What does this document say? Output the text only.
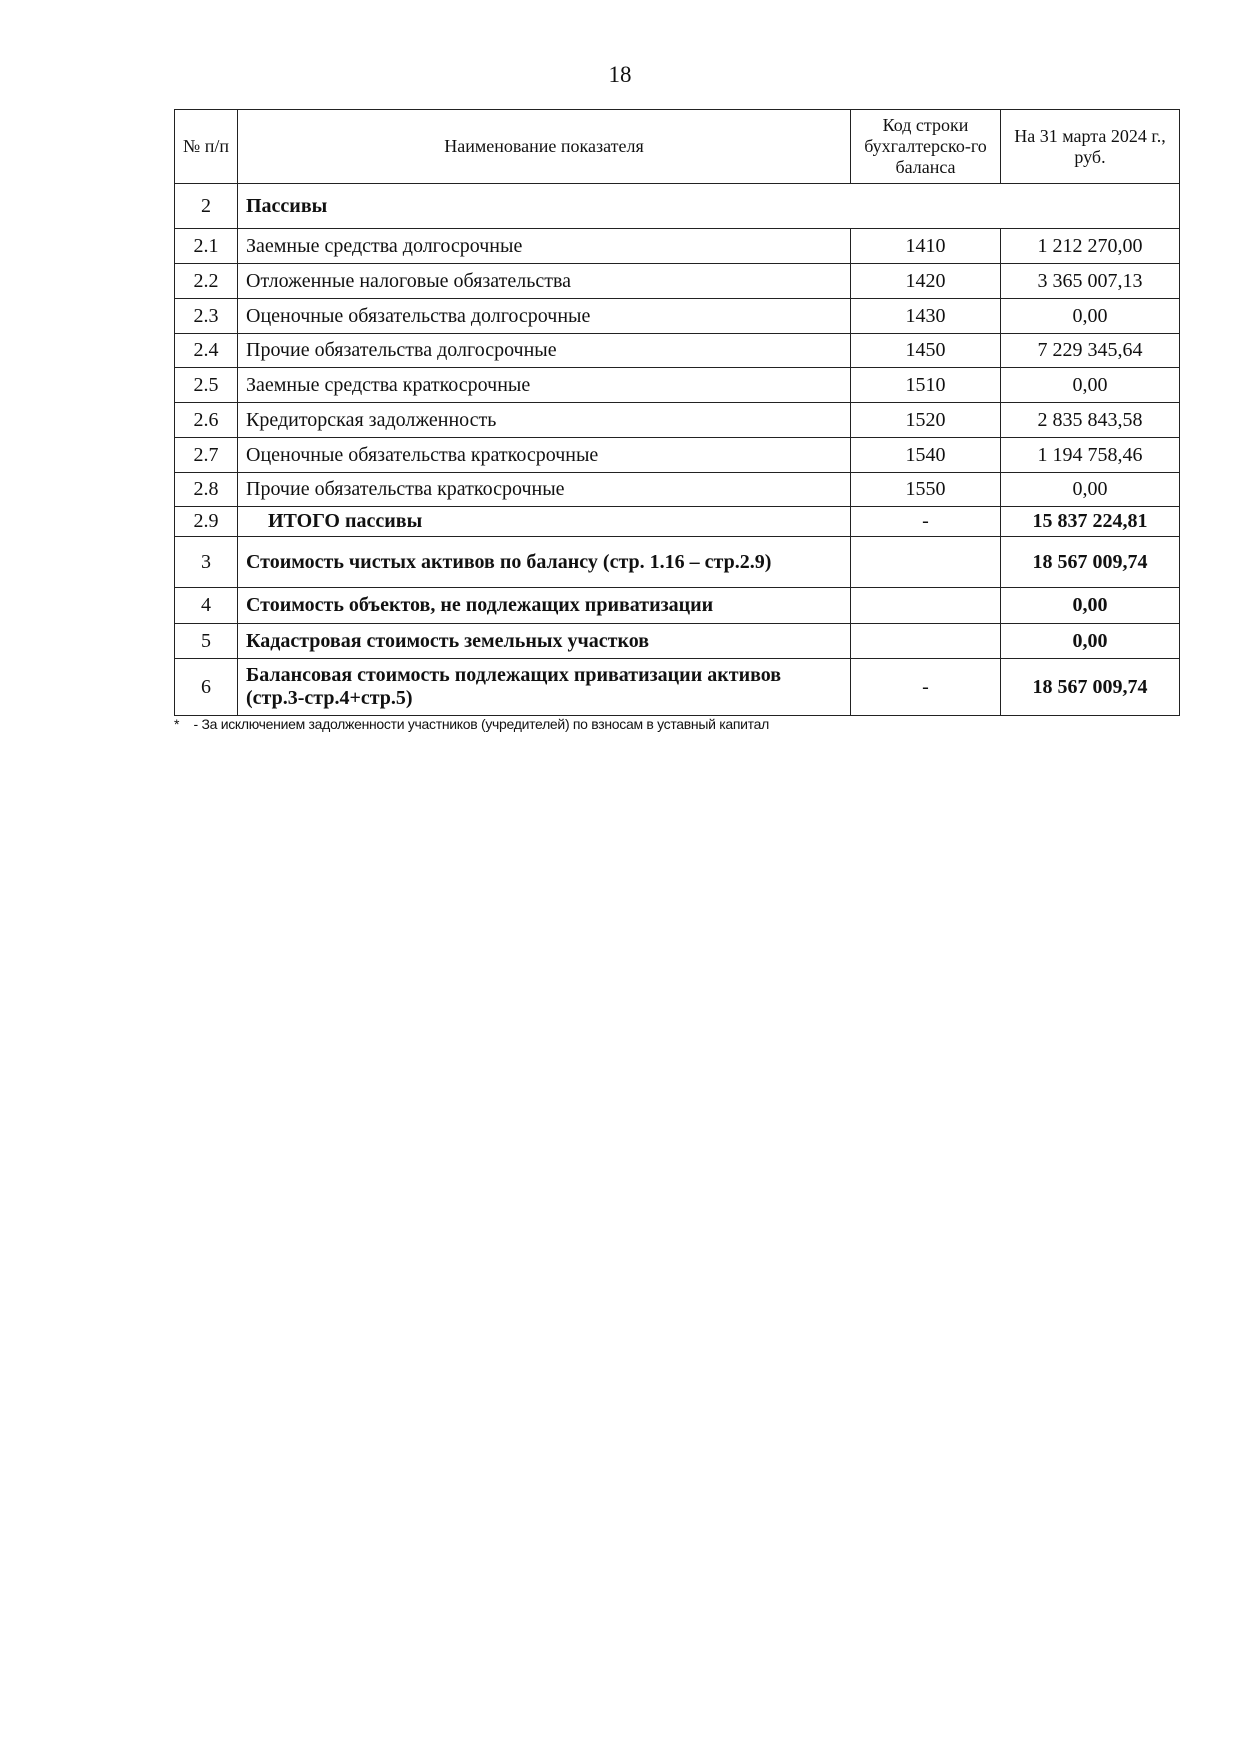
18
№ п/п	Наименование показателя	Код строки бухгалтерско-го баланса	На 31 марта 2024 г., руб.
2	Пассивы		
2.1	Заемные средства долгосрочные	1410	1 212 270,00
2.2	Отложенные налоговые обязательства	1420	3 365 007,13
2.3	Оценочные обязательства долгосрочные	1430	0,00
2.4	Прочие обязательства долгосрочные	1450	7 229 345,64
2.5	Заемные средства краткосрочные	1510	0,00
2.6	Кредиторская задолженность	1520	2 835 843,58
2.7	Оценочные обязательства краткосрочные	1540	1 194 758,46
2.8	Прочие обязательства краткосрочные	1550	0,00
2.9	ИТОГО пассивы	-	15 837 224,81
3	Стоимость чистых активов по балансу (стр. 1.16 – стр.2.9)		18 567 009,74
4	Стоимость объектов, не подлежащих приватизации		0,00
5	Кадастровая стоимость земельных участков		0,00
6	Балансовая стоимость подлежащих приватизации активов (стр.3-стр.4+стр.5)	-	18 567 009,74
* - За исключением задолженности участников (учредителей) по взносам в уставный капитал
